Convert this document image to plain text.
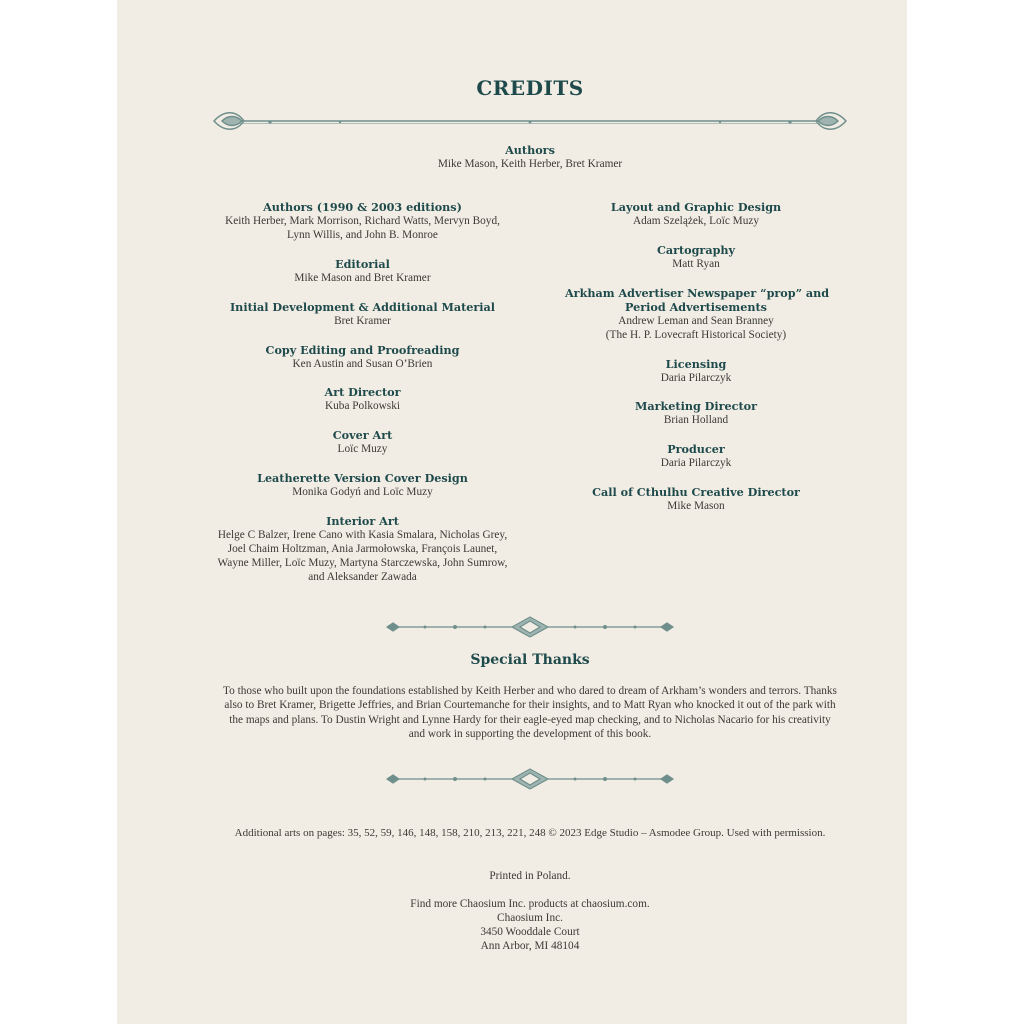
CREDITS
Authors
Mike Mason, Keith Herber, Bret Kramer
Authors (1990 & 2003 editions)
Keith Herber, Mark Morrison, Richard Watts, Mervyn Boyd,
Lynn Willis, and John B. Monroe
Editorial
Mike Mason and Bret Kramer
Initial Development & Additional Material
Bret Kramer
Copy Editing and Proofreading
Ken Austin and Susan O’Brien
Art Director
Kuba Polkowski
Cover Art
Loïc Muzy
Leatherette Version Cover Design
Monika Godyń and Loïc Muzy
Interior Art
Helge C Balzer, Irene Cano with Kasia Smalara, Nicholas Grey,
Joel Chaim Holtzman, Ania Jarmołowska, François Launet,
Wayne Miller, Loïc Muzy, Martyna Starczewska, John Sumrow,
and Aleksander Zawada
Layout and Graphic Design
Adam Szelążek, Loïc Muzy
Cartography
Matt Ryan
Arkham Advertiser Newspaper “prop” and
Period Advertisements
Andrew Leman and Sean Branney
(The H. P. Lovecraft Historical Society)
Licensing
Daria Pilarczyk
Marketing Director
Brian Holland
Producer
Daria Pilarczyk
Call of Cthulhu Creative Director
Mike Mason
Special Thanks
To those who built upon the foundations established by Keith Herber and who dared to dream of Arkham’s wonders and terrors. Thanks
also to Bret Kramer, Brigette Jeffries, and Brian Courtemanche for their insights, and to Matt Ryan who knocked it out of the park with
the maps and plans. To Dustin Wright and Lynne Hardy for their eagle-eyed map checking, and to Nicholas Nacario for his creativity
and work in supporting the development of this book.
Additional arts on pages: 35, 52, 59, 146, 148, 158, 210, 213, 221, 248 © 2023 Edge Studio – Asmodee Group. Used with permission.
Printed in Poland.
Find more Chaosium Inc. products at chaosium.com.
Chaosium Inc.
3450 Wooddale Court
Ann Arbor, MI 48104
